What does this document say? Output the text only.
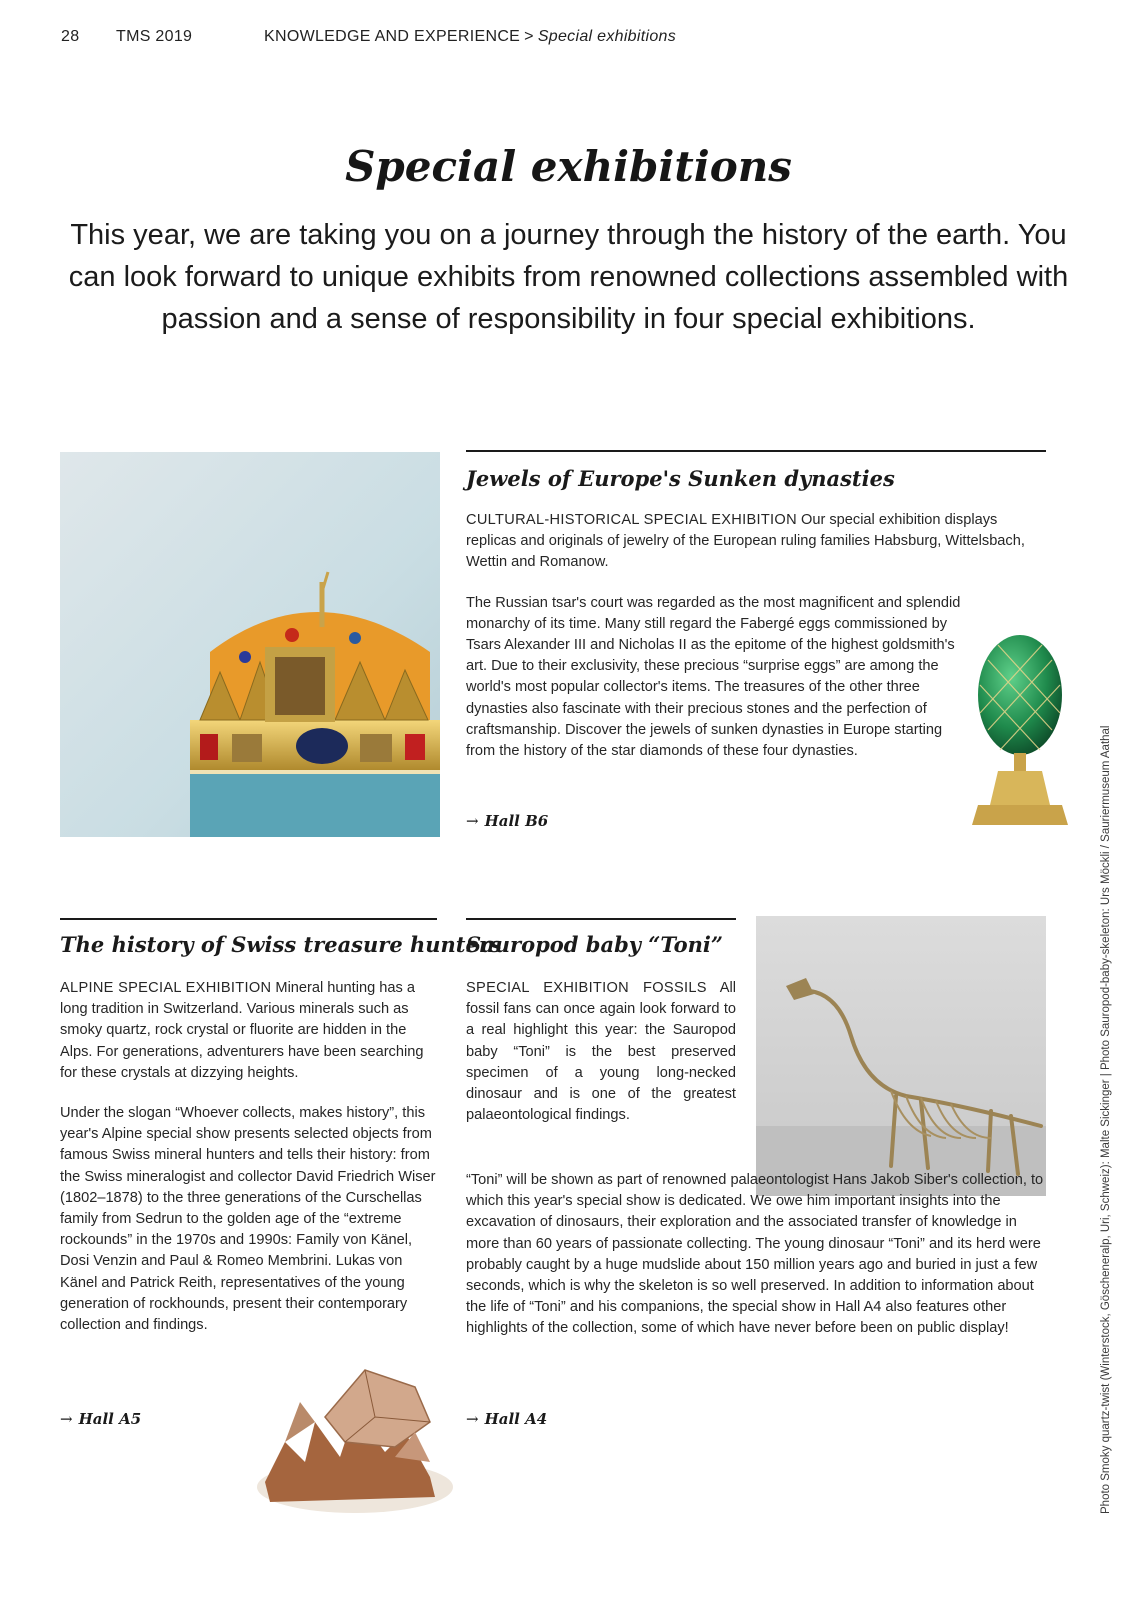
28 TMS 2019	KNOWLEDGE AND EXPERIENCE > Special exhibitions
Special exhibitions
This year, we are taking you on a journey through the history of the earth. You can look forward to unique exhibits from renowned collections assembled with passion and a sense of responsibility in four special exhibitions.
Jewels of Europe's Sunken dynasties

CULTURAL-HISTORICAL SPECIAL EXHIBITION Our special exhibition displays replicas and originals of jewelry of the European ruling families Habsburg, Wittelsbach, Wettin and Romanow.

The Russian tsar's court was regarded as the most magnificent and splendid monarchy of its time. Many still regard the Fabergé eggs commissioned by Tsars Alexander III and Nicholas II as the epitome of the highest goldsmith's art. Due to their exclusivity, these precious “surprise eggs” are among the world's most popular collector's items. The treasures of the other three dynasties also fascinate with their precious stones and the perfection of craftsmanship. Discover the jewels of sunken dynasties in Europe starting from the history of the star diamonds of these four dynasties.

→ Hall B6
The history of Swiss treasure hunters

ALPINE SPECIAL EXHIBITION Mineral hunting has a long tradition in Switzerland. Various minerals such as smoky quartz, rock crystal or fluorite are hidden in the Alps. For generations, adventurers have been searching for these crystals at dizzying heights.

Under the slogan “Whoever collects, makes history”, this year's Alpine special show presents selected objects from famous Swiss mineral hunters and tells their history: from the Swiss mineralogist and collector David Friedrich Wiser (1802–1878) to the three generations of the Curschellas family from Sedrun to the golden age of the “extreme rockounds” in the 1970s and 1990s: Family von Känel, Dosi Venzin and Paul & Romeo Membrini. Lukas von Känel and Patrick Reith, representatives of the young generation of rockhounds, present their contemporary collection and findings.

→ Hall A5
Sauropod baby “Toni”

SPECIAL EXHIBITION FOSSILS All fossil fans can once again look forward to a real highlight this year: the Sauropod baby “Toni” is the best preserved specimen of a young long-necked dinosaur and is one of the greatest palaeontological findings.

“Toni” will be shown as part of renowned palaeontologist Hans Jakob Siber's collection, to which this year's special show is dedicated. We owe him important insights into the excavation of dinosaurs, their exploration and the associated transfer of knowledge in more than 60 years of passionate collecting. The young dinosaur “Toni” and its herd were probably caught by a huge mudslide about 150 million years ago and buried in just a few seconds, which is why the skeleton is so well preserved. In addition to information about the life of “Toni” and his companions, the special show in Hall A4 also features other highlights of the collection, some of which have never before been on public display!

→ Hall A4	Photo Smoky quartz-twist (Winterstock, Göscheneralp, Uri, Schweiz): Malte Sickinger | Photo Sauropod-baby-skeleton: Urs Möckli / Sauriermuseum Aathal
